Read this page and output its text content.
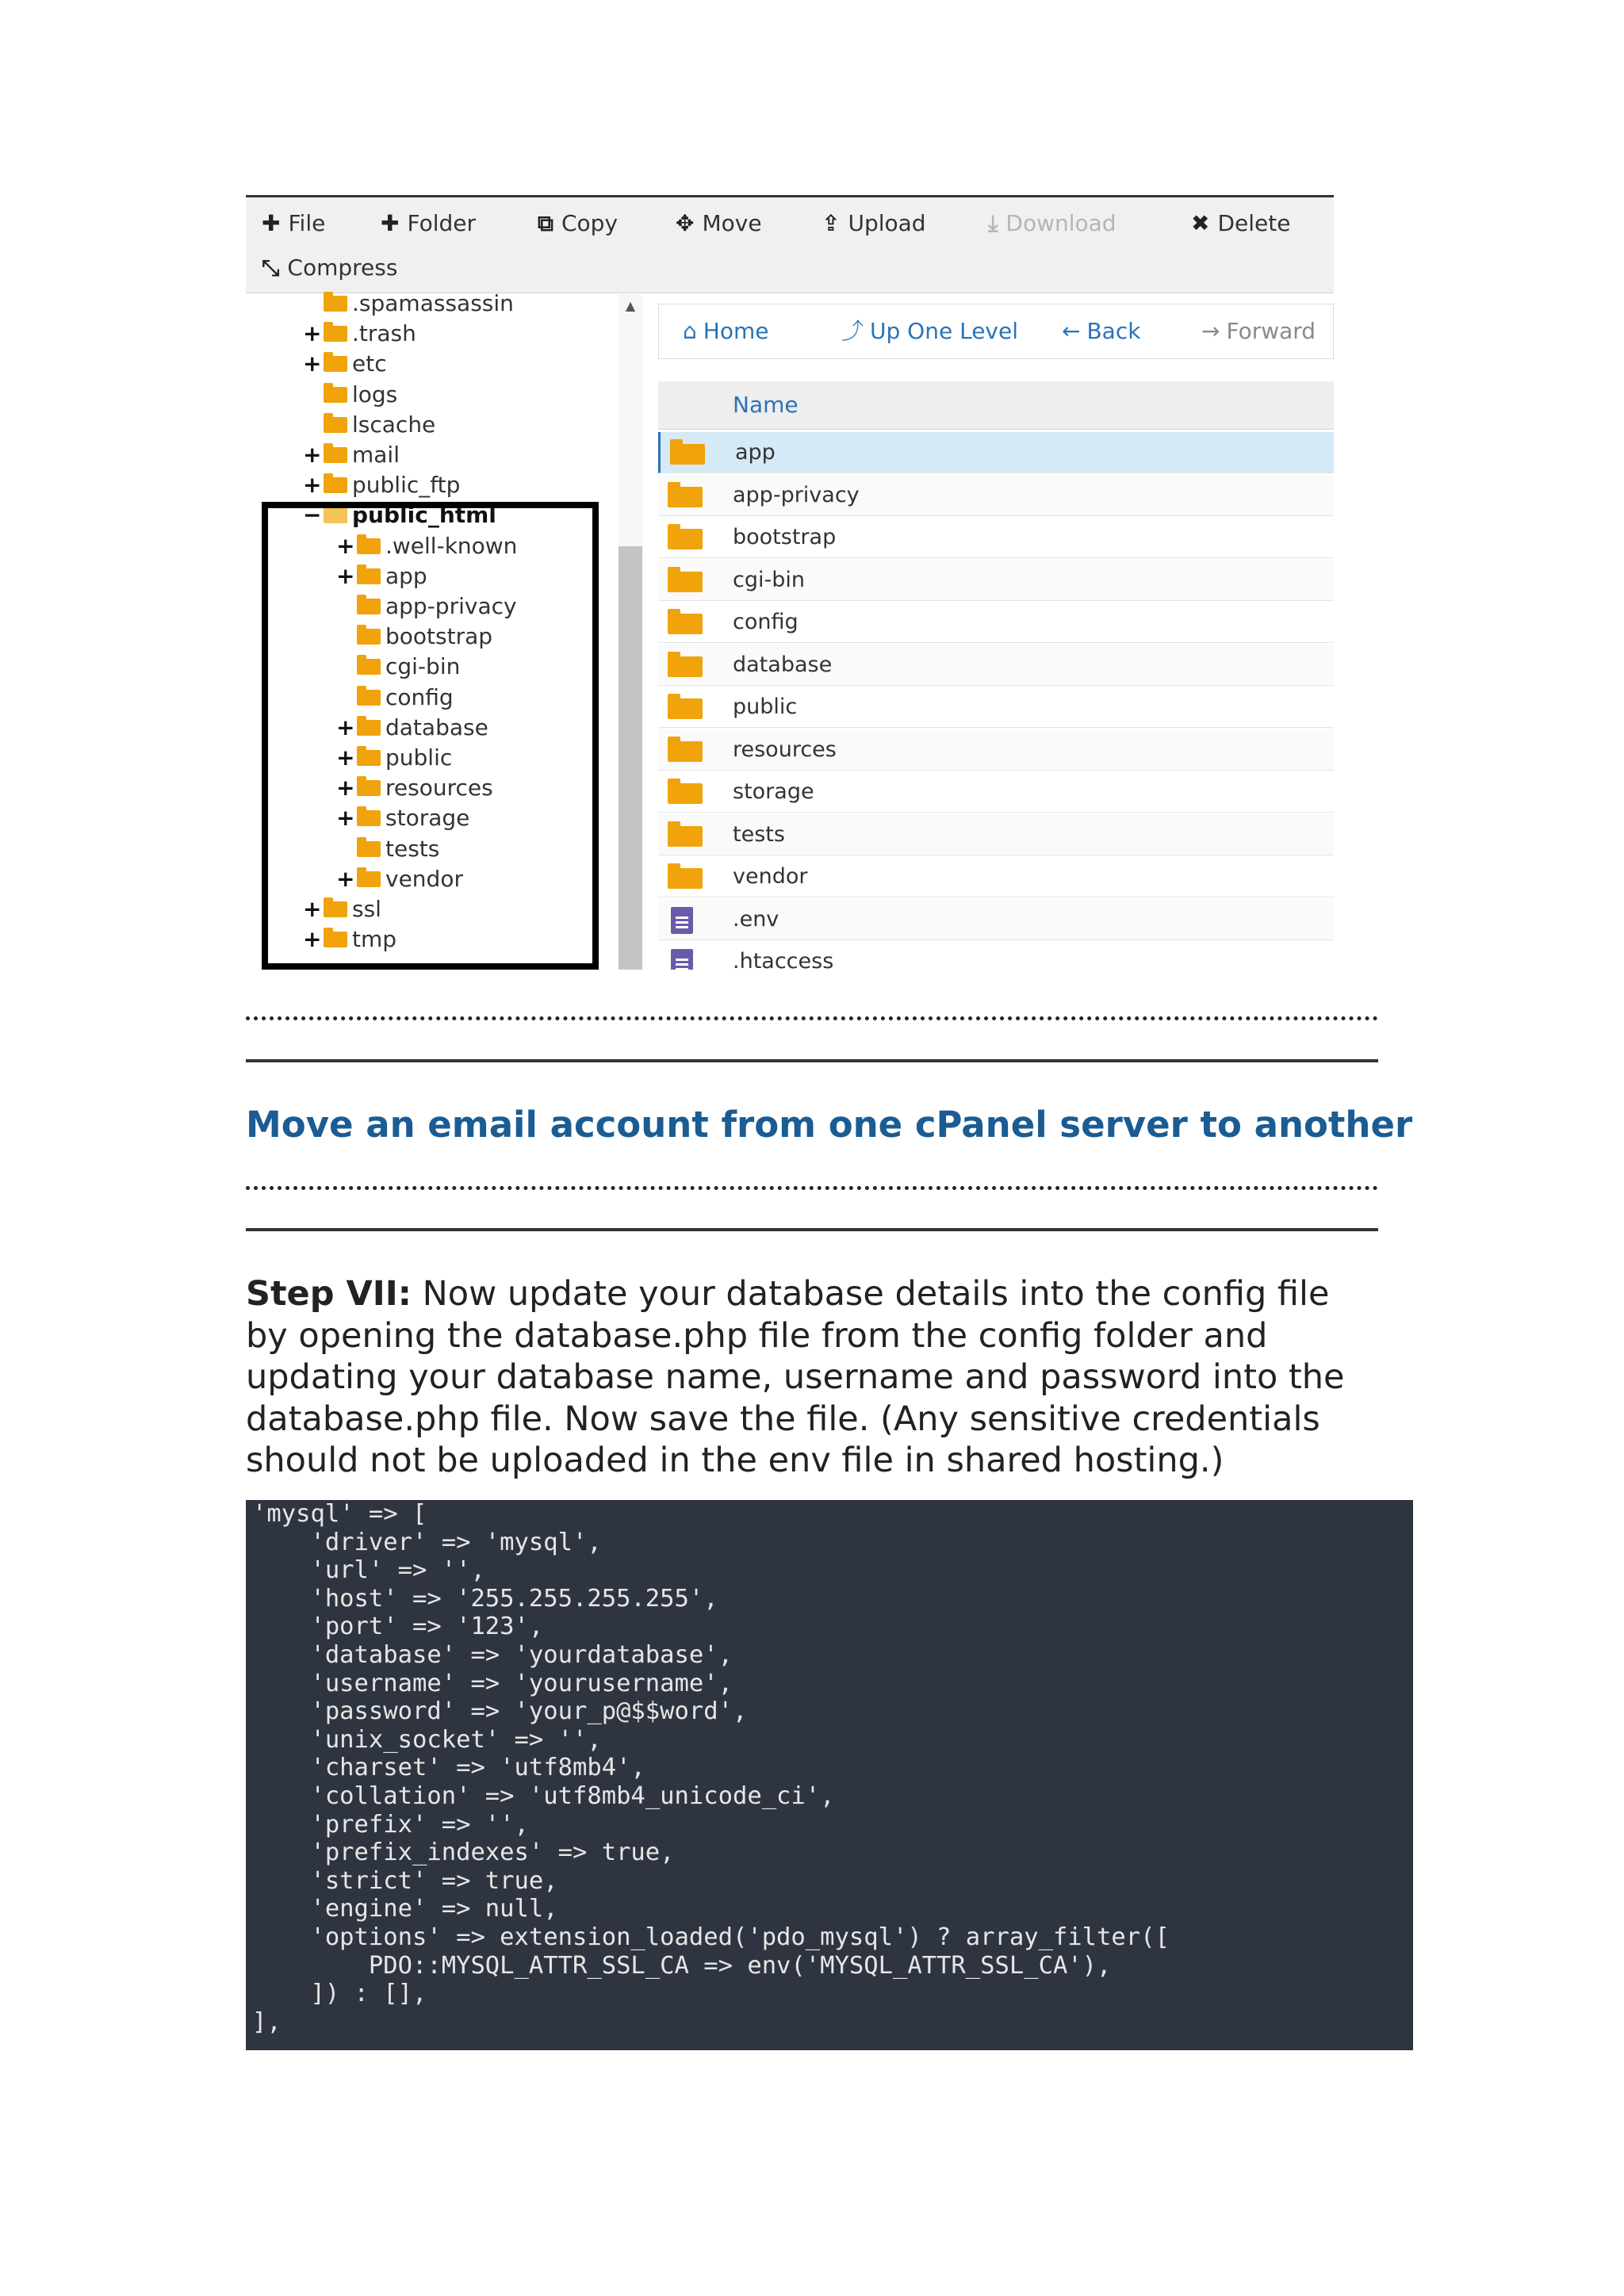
✚ File ✚ Folder	⧉ Copy	✥ Move	⇪ Upload	⤓ Download	✖ Delete
⤡ Compress
.spamassassin
+ .trash
+ etc
logs
lscache
+ mail
+ public_ftp
− public_html
+ .well-known
+ app
app-privacy
bootstrap
cgi-bin
config
+ database
+ public
+ resources
+ storage
tests
+ vendor
+ ssl
+ tmp
▲
⌂ Home	⤴ Up One Level ← Back	→ Forward
Name
app
app-privacy
bootstrap
cgi-bin
config
database
public
resources
storage
tests
vendor
.env
.htaccess
Move an email account from one cPanel server to another

Step VII: Now update your database details into the config file

by opening the database.php file from the config folder and

updating your database name, username and password into the

database.php file. Now save the file. (Any sensitive credentials

should not be uploaded in the env file in shared hosting.)

'mysql' => [
'driver' => 'mysql',
'url' => '',
'host' => '255.255.255.255',
'port' => '123',
'database' => 'yourdatabase',
'username' => 'yourusername',
'password' => 'your_p@$$word',
'unix_socket' => '',
'charset' => 'utf8mb4',
'collation' => 'utf8mb4_unicode_ci',
'prefix' => '',
'prefix_indexes' => true,
'strict' => true,
'engine' => null,
'options' => extension_loaded('pdo_mysql') ? array_filter([
PDO::MYSQL_ATTR_SSL_CA => env('MYSQL_ATTR_SSL_CA'),
]) : [],
],
